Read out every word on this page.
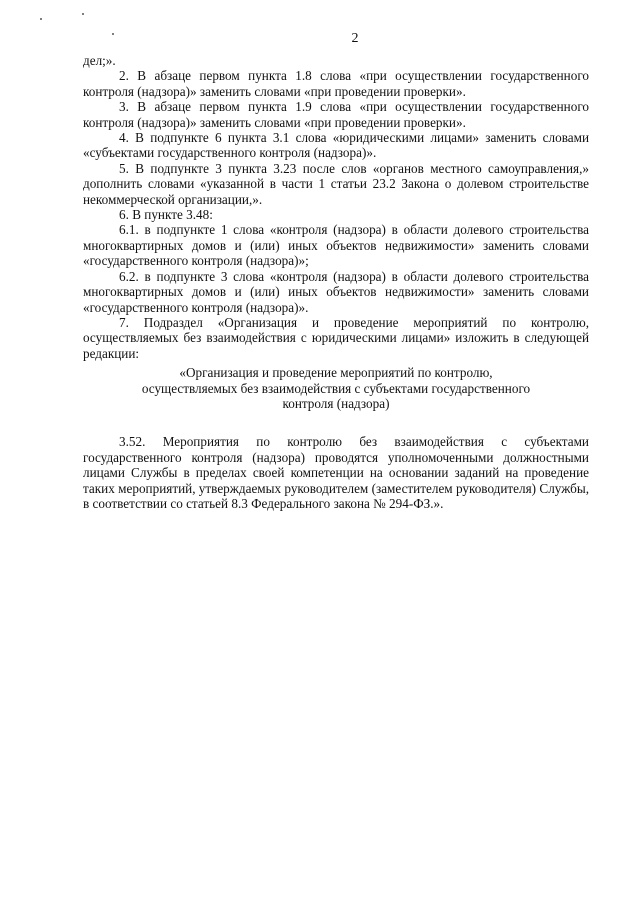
2

дел;».

2. В абзаце первом пункта 1.8 слова «при осуществлении государственного контроля (надзора)» заменить словами «при проведении проверки».

3. В абзаце первом пункта 1.9 слова «при осуществлении государственного контроля (надзора)» заменить словами «при проведении проверки».

4. В подпункте 6 пункта 3.1 слова «юридическими лицами» заменить словами «субъектами государственного контроля (надзора)».

5. В подпункте 3 пункта 3.23 после слов «органов местного самоуправления,» дополнить словами «указанной в части 1 статьи 23.2 Закона о долевом строительстве некоммерческой организации,».

6. В пункте 3.48:

6.1. в подпункте 1 слова «контроля (надзора) в области долевого строительства многоквартирных домов и (или) иных объектов недвижимости» заменить словами «государственного контроля (надзора)»;

6.2. в подпункте 3 слова «контроля (надзора) в области долевого строительства многоквартирных домов и (или) иных объектов недвижимости» заменить словами «государственного контроля (надзора)».

7. Подраздел «Организация и проведение мероприятий по контролю, осуществляемых без взаимодействия с юридическими лицами» изложить в следующей редакции:

«Организация и проведение мероприятий по контролю,
осуществляемых без взаимодействия с субъектами государственного
контроля (надзора)

3.52. Мероприятия по контролю без взаимодействия с субъектами государственного контроля (надзора) проводятся уполномоченными должностными лицами Службы в пределах своей компетенции на основании заданий на проведение таких мероприятий, утверждаемых руководителем (заместителем руководителя) Службы, в соответствии со статьей 8.3 Федерального закона № 294-ФЗ.».
